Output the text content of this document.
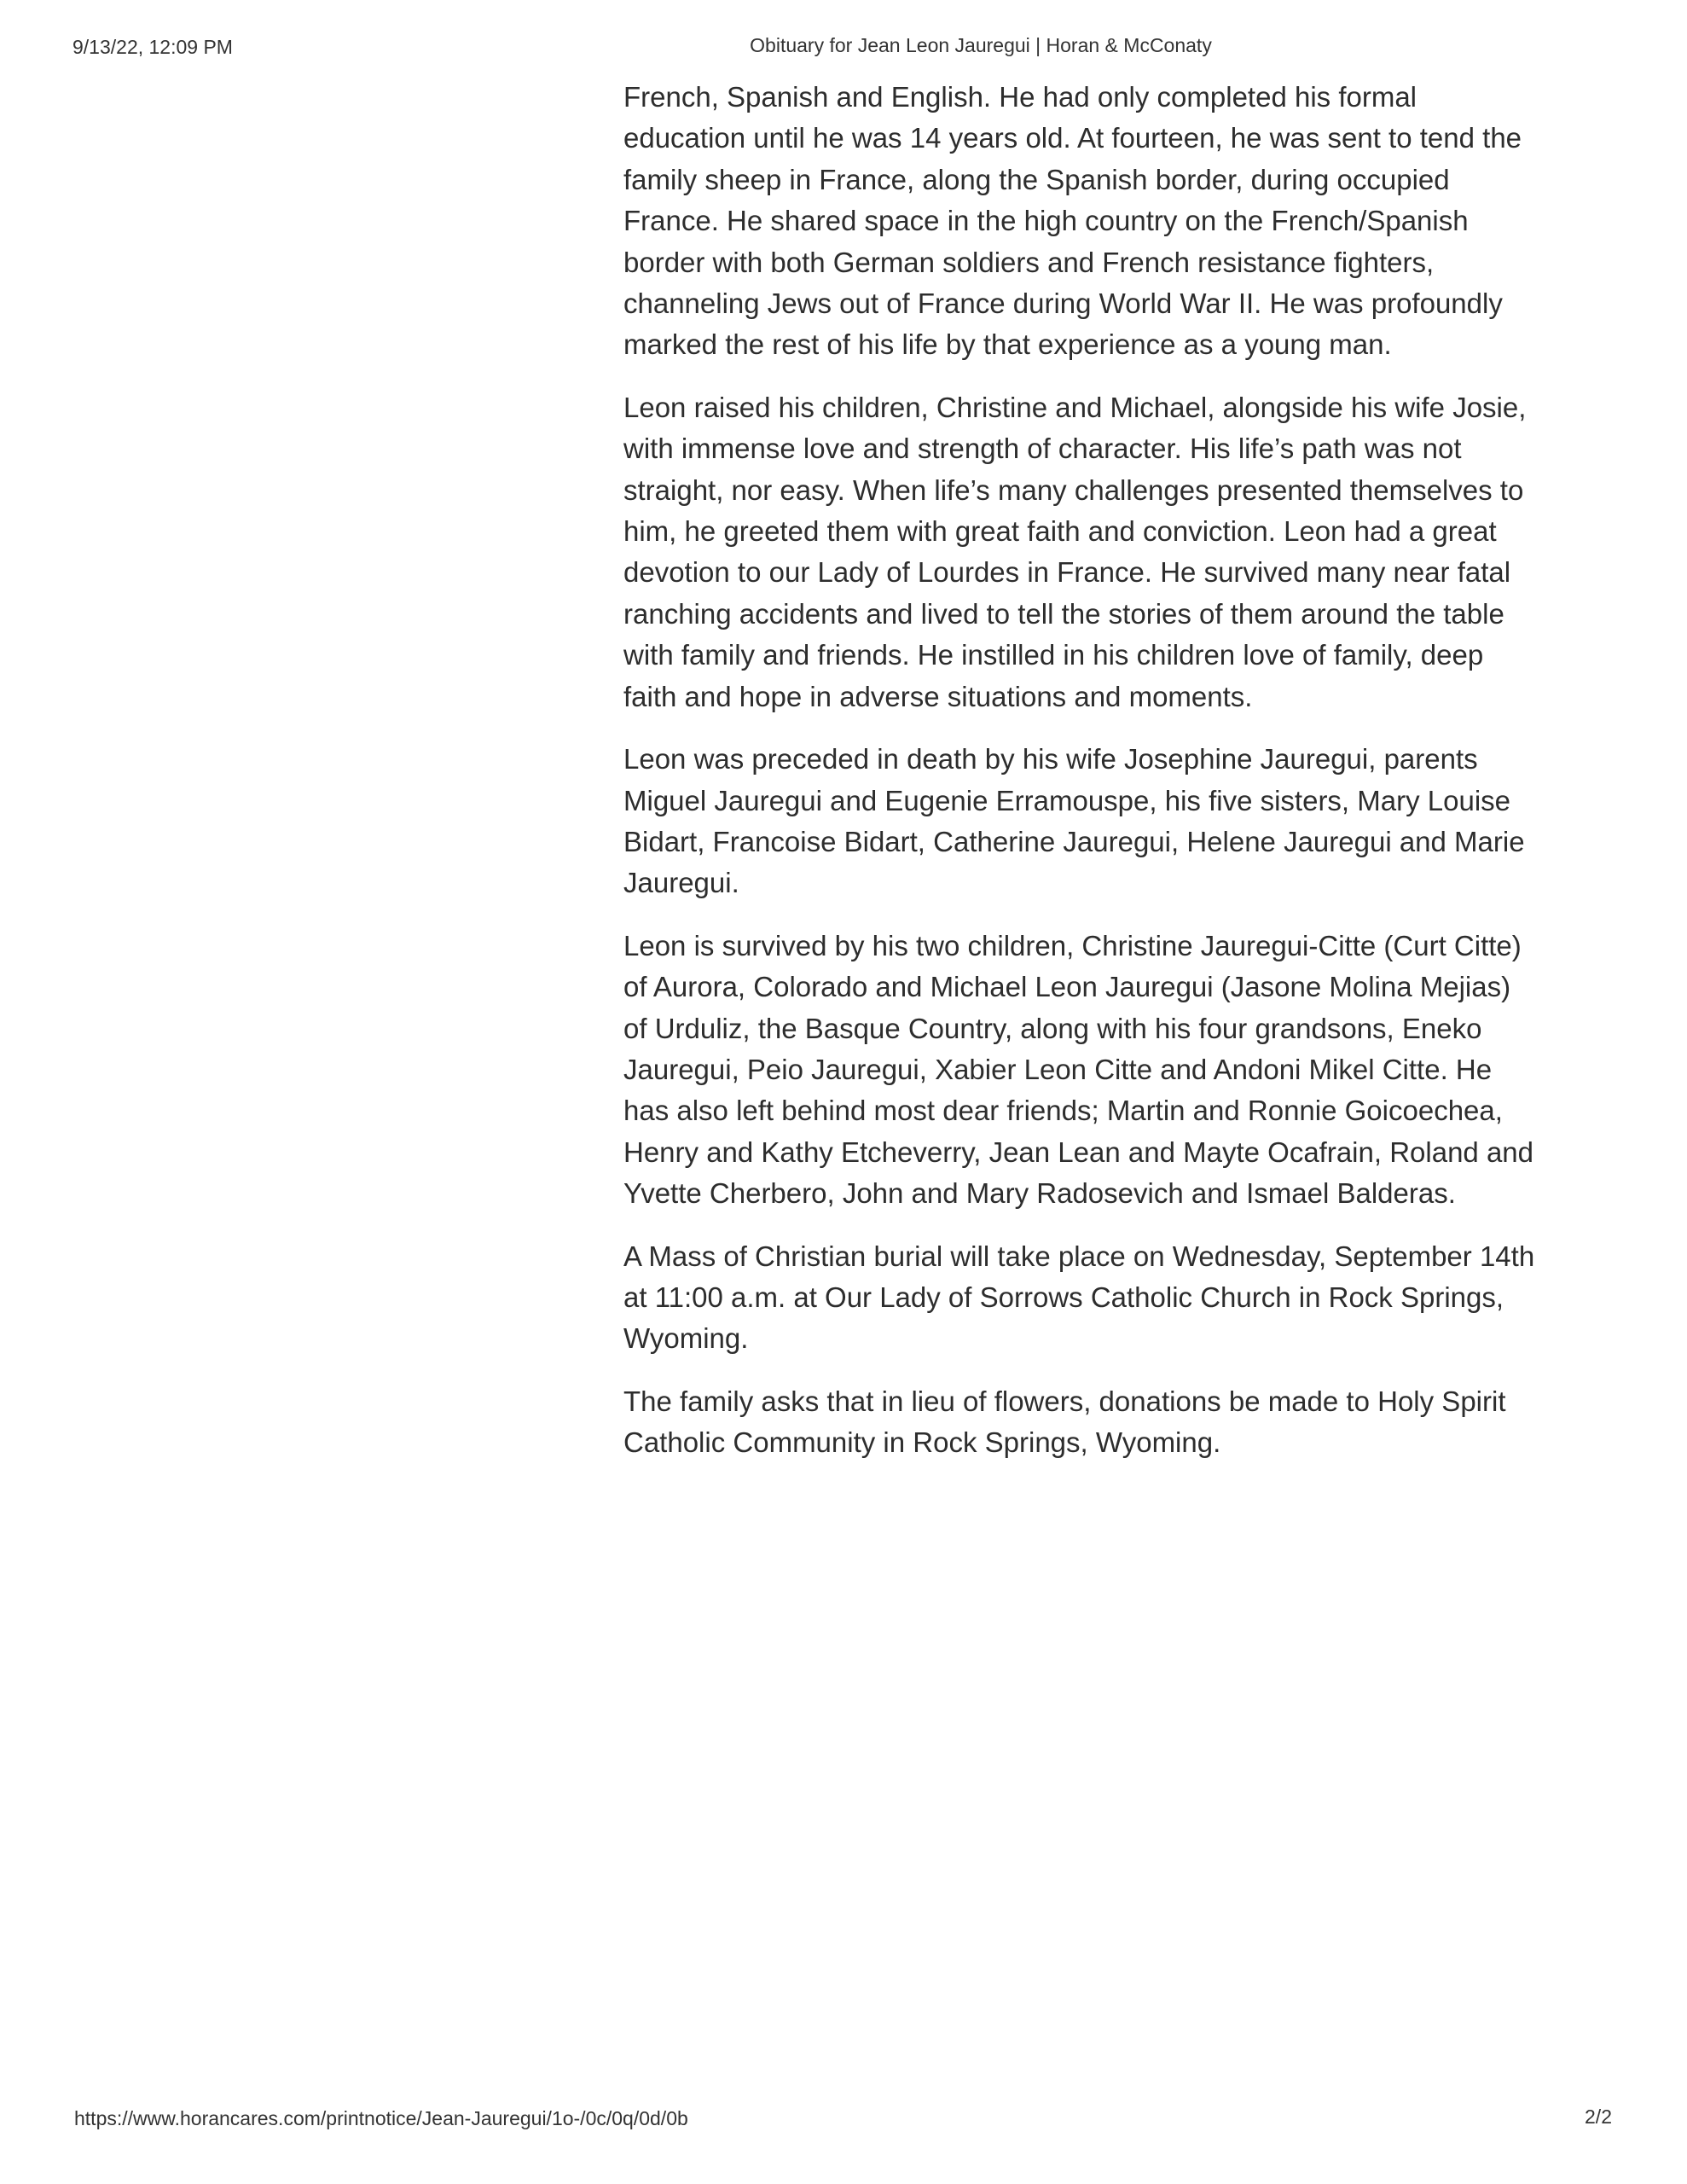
9/13/22, 12:09 PM	Obituary for Jean Leon Jauregui | Horan & McConaty

French, Spanish and English. He had only completed his formal
education until he was 14 years old. At fourteen, he was sent to tend the
family sheep in France, along the Spanish border, during occupied
France. He shared space in the high country on the French/Spanish
border with both German soldiers and French resistance fighters,
channeling Jews out of France during World War II. He was profoundly
marked the rest of his life by that experience as a young man.

Leon raised his children, Christine and Michael, alongside his wife Josie,
with immense love and strength of character. His life’s path was not
straight, nor easy. When life’s many challenges presented themselves to
him, he greeted them with great faith and conviction. Leon had a great
devotion to our Lady of Lourdes in France. He survived many near fatal
ranching accidents and lived to tell the stories of them around the table
with family and friends. He instilled in his children love of family, deep
faith and hope in adverse situations and moments.

Leon was preceded in death by his wife Josephine Jauregui, parents
Miguel Jauregui and Eugenie Erramouspe, his five sisters, Mary Louise
Bidart, Francoise Bidart, Catherine Jauregui, Helene Jauregui and Marie
Jauregui.

Leon is survived by his two children, Christine Jauregui-Citte (Curt Citte)
of Aurora, Colorado and Michael Leon Jauregui (Jasone Molina Mejias)
of Urduliz, the Basque Country, along with his four grandsons, Eneko
Jauregui, Peio Jauregui, Xabier Leon Citte and Andoni Mikel Citte. He
has also left behind most dear friends; Martin and Ronnie Goicoechea,
Henry and Kathy Etcheverry, Jean Lean and Mayte Ocafrain, Roland and
Yvette Cherbero, John and Mary Radosevich and Ismael Balderas.

A Mass of Christian burial will take place on Wednesday, September 14th
at 11:00 a.m. at Our Lady of Sorrows Catholic Church in Rock Springs,
Wyoming.

The family asks that in lieu of flowers, donations be made to Holy Spirit
Catholic Community in Rock Springs, Wyoming.

https://www.horancares.com/printnotice/Jean-Jauregui/1o-/0c/0q/0d/0b	2/2
